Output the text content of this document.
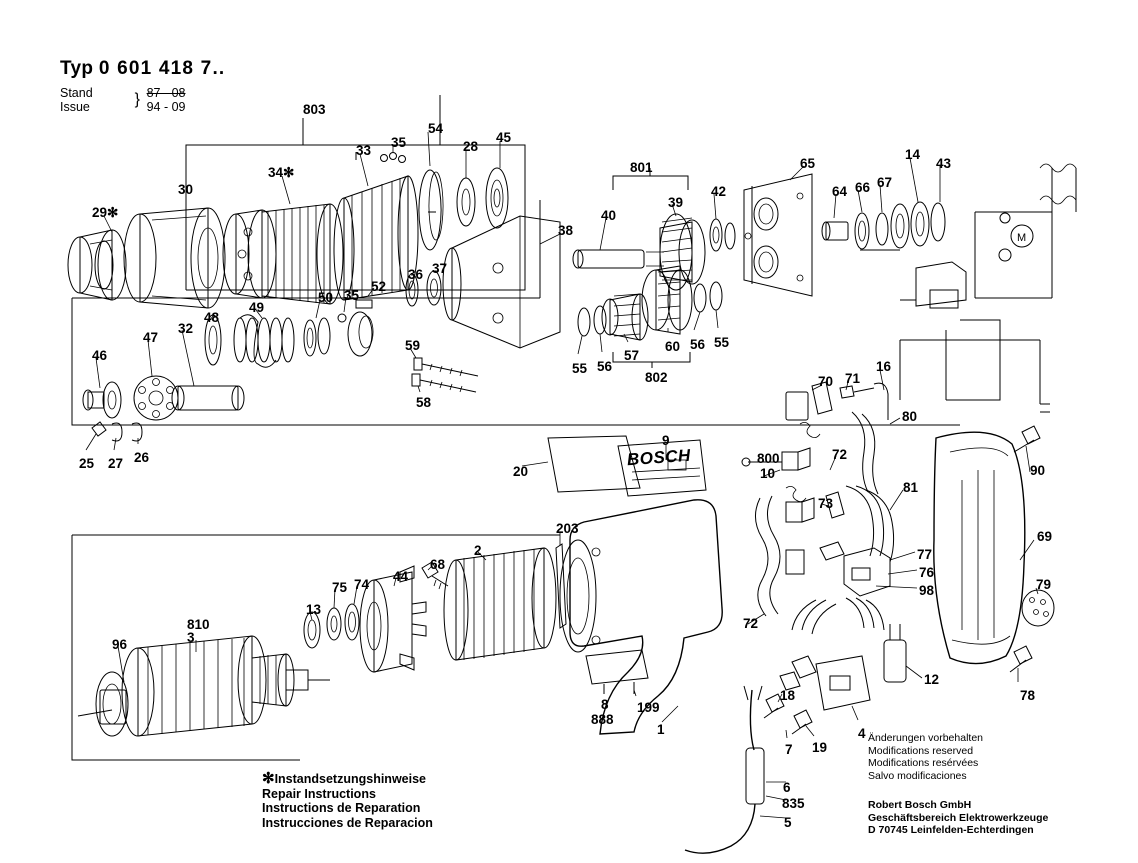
M
Typ 0 601 418 7..
Stand	} 87 - 08
Issue	94 - 09
BOSCH
803
45
28
54
35
33
34✻
30
29✻
801
39
40
42
65
64 66 67
14
43
38
36 37
52
35
50
49
48
32
47
46
59
58
55 56
57
60 56 55
802
25 27 26
16
71
70
80
72
800
10
73
81
90
69
79
77
76
98
72
78
12
4
19
7
18
6
835
5
1
8
888
199
9
20
203
2
68
44
74
75
13
810
3
96
✻Instandsetzungshinweise
Repair Instructions
Instructions de Reparation
Instrucciones de Reparacion
Änderungen vorbehalten
Modifications reserved
Modifications resérvées
Salvo modificaciones
Robert Bosch GmbH
Geschäftsbereich Elektrowerkzeuge
D 70745 Leinfelden-Echterdingen
